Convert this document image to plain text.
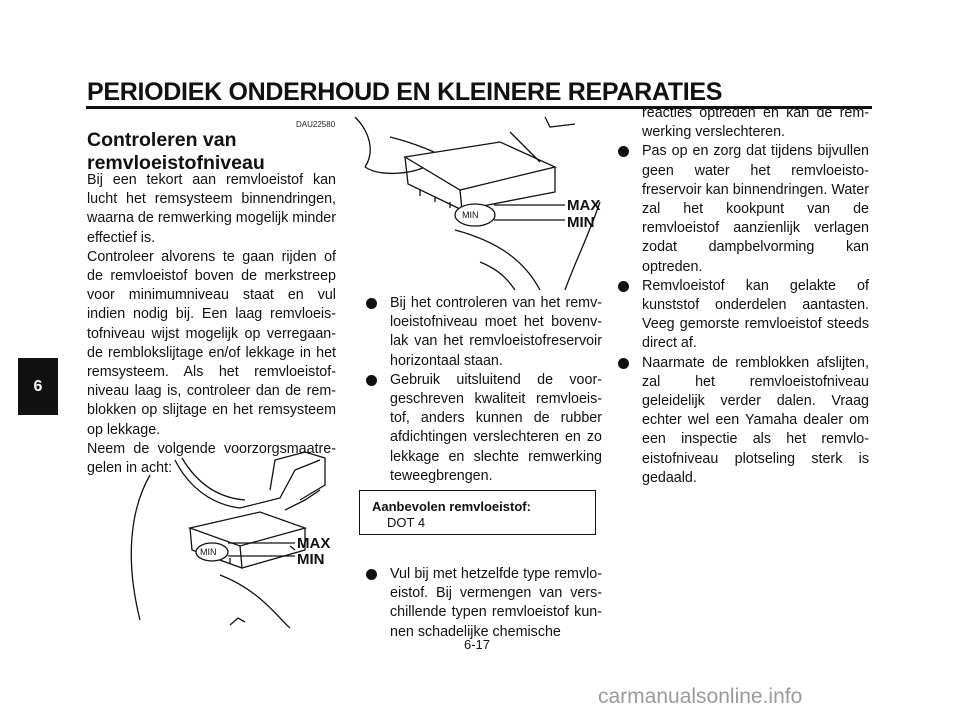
PERIODIEK ONDERHOUD EN KLEINERE REPARATIES
6
DAU22580
Controleren van
remvloeistofniveau

Bij een tekort aan remvloeistof kan lucht het remsysteem binnendringen, waarna de remwerking mogelijk minder effectief is.

Controleer alvorens te gaan rijden of de remvloeistof boven de merkstreep voor minimumniveau staat en vul indien nodig bij. Een laag remvloeistofniveau wijst mogelijk op verregaande remblokslijtage en/of lekkage in het remsysteem. Als het remvloeistofniveau laag is, controleer dan de remblokken op slijtage en het remsysteem op lekkage.

Neem de volgende voorzorgsmaatregelen in acht:

MIN	MAX
MIN
MIN
MAX
MIN
Bij het controleren van het remvloeistofniveau moet het bovenvlak van het remvloeistofreservoir horizontaal staan.
Gebruik uitsluitend de voorgeschreven kwaliteit remvloeistof, anders kunnen de rubber afdichtingen verslechteren en zo lekkage en slechte remwerking teweegbrengen.
Aanbevolen remvloeistof:
DOT 4
Vul bij met hetzelfde type remvloeistof. Bij vermengen van verschillende typen remvloeistof kunnen schadelijke chemische

reacties optreden en kan de remwerking verslechteren.

Pas op en zorg dat tijdens bijvullen geen water het remvloeistofreservoir kan binnendringen. Water zal het kookpunt van de remvloeistof aanzienlijk verlagen zodat dampbelvorming kan optreden.
Remvloeistof kan gelakte of kunststof onderdelen aantasten. Veeg gemorste remvloeistof steeds direct af.
Naarmate de remblokken afslijten, zal het remvloeistofniveau geleidelijk verder dalen. Vraag echter wel een Yamaha dealer om een inspectie als het remvloeistofniveau plotseling sterk is gedaald.
6-17
carmanualsonline.info
